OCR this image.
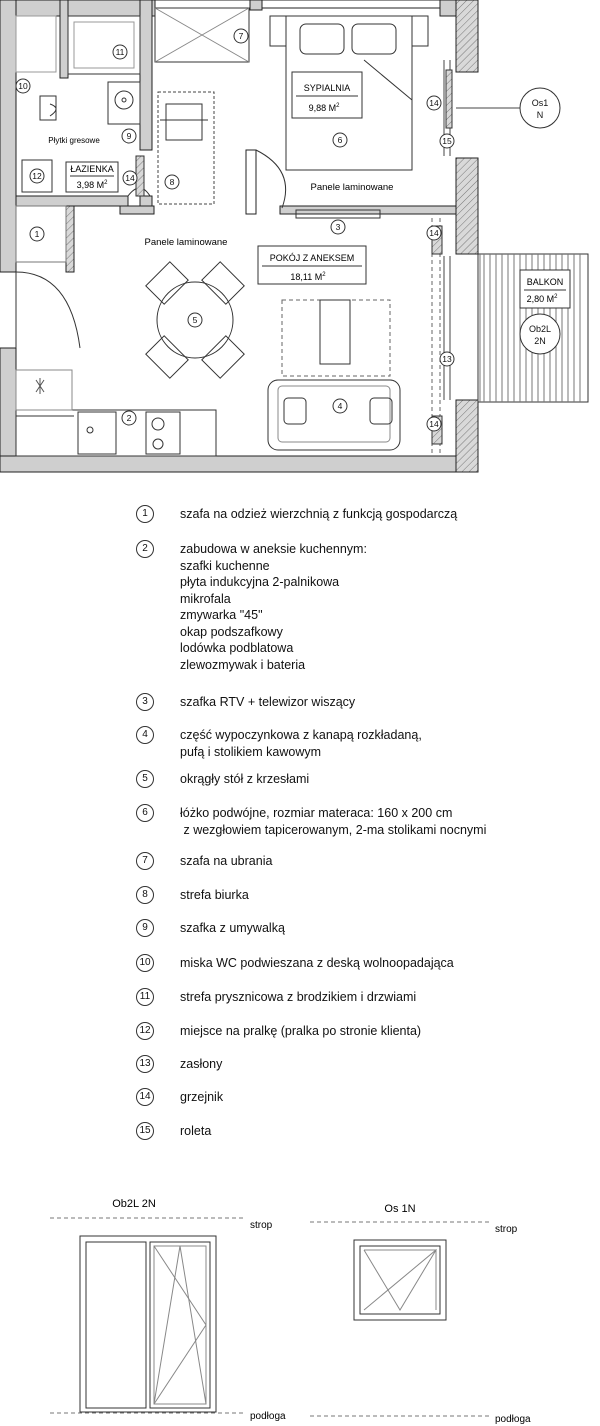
SYPIALNIA
9,88 $M^2$
ŁAZIENKA
3,98 $M^2$
POKÓJ Z ANEKSEM
18,11 $M^2$
BALKON
2,80 $M^2$
Płytki gresowe
Panele laminowane
Panele laminowane
Os1
N
Ob2L
2N
1
2
3
4
5
6
7
8
9
10
11
12
13
14
14
14
14
15
Ob2L 2N
strop
podłoga
Os 1N
strop
podłoga
1	szafa na odzież wierzchnią z funkcją gospodarczą
2	zabudowa w aneksie kuchennym:
szafki kuchenne
płyta indukcyjna 2-palnikowa
mikrofala
zmywarka "45"
okap podszafkowy
lodówka podblatowa
zlewozmywak i bateria
3	szafka RTV + telewizor wiszący
4	część wypoczynkowa z kanapą rozkładaną,
pufą i stolikiem kawowym
5	okrągły stół z krzesłami
6	łóżko podwójne, rozmiar materaca: 160 x 200 cm
z wezgłowiem tapicerowanym, 2-ma stolikami nocnymi
7	szafa na ubrania
8	strefa biurka
9	szafka z umywalką
10 miska WC podwieszana z deską wolnoopadająca
11	strefa prysznicowa z brodzikiem i drzwiami
12 miejsce na pralkę (pralka po stronie klienta)
13 zasłony
14 grzejnik
15 roleta
